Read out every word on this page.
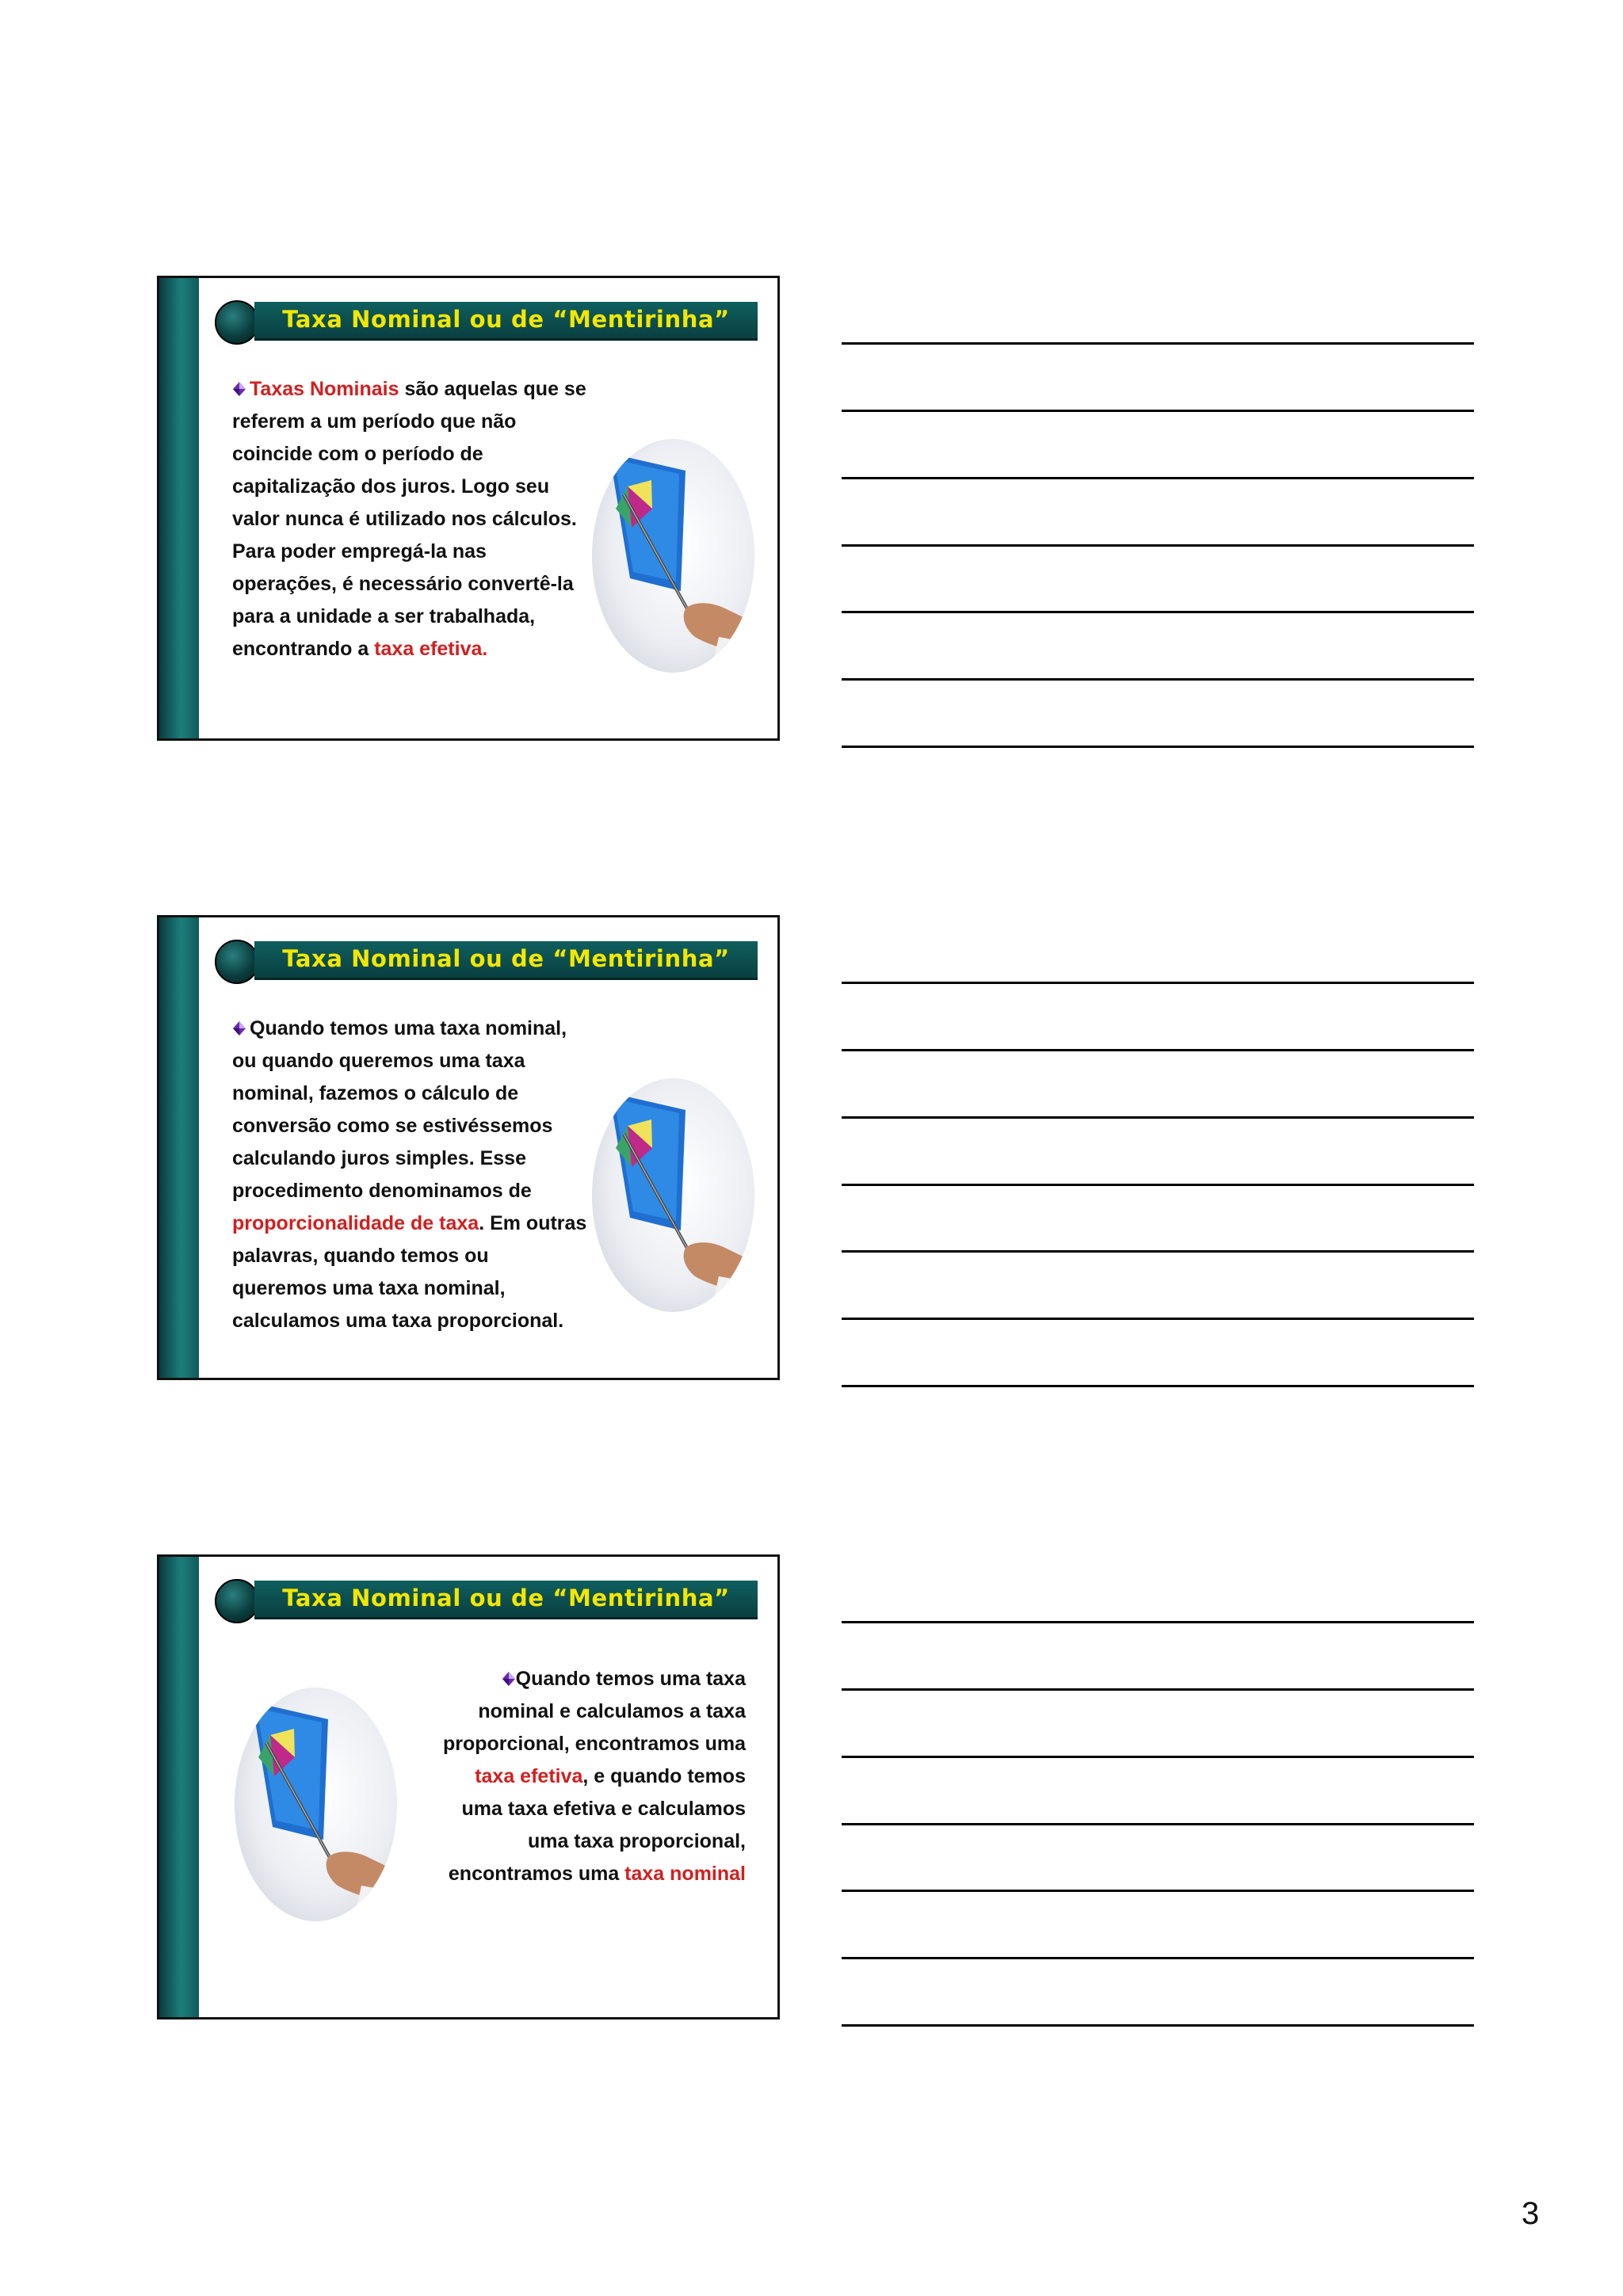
Taxa Nominal ou de “Mentirinha”
Taxas Nominais são aquelas que se referem a um período que não coincide com o período de capitalização dos juros. Logo seu valor nunca é utilizado nos cálculos. Para poder empregá-la nas operações, é necessário convertê-la para a unidade a ser trabalhada, encontrando a taxa efetiva.
Taxa Nominal ou de “Mentirinha”
Quando temos uma taxa nominal, ou quando queremos uma taxa nominal, fazemos o cálculo de conversão como se estivéssemos calculando juros simples. Esse procedimento denominamos de proporcionalidade de taxa. Em outras palavras, quando temos ou queremos uma taxa nominal, calculamos uma taxa proporcional.
Taxa Nominal ou de “Mentirinha”
Quando temos uma taxa nominal e calculamos a taxa proporcional, encontramos uma taxa efetiva, e quando temos uma taxa efetiva e calculamos uma taxa proporcional, encontramos uma taxa nominal
3
